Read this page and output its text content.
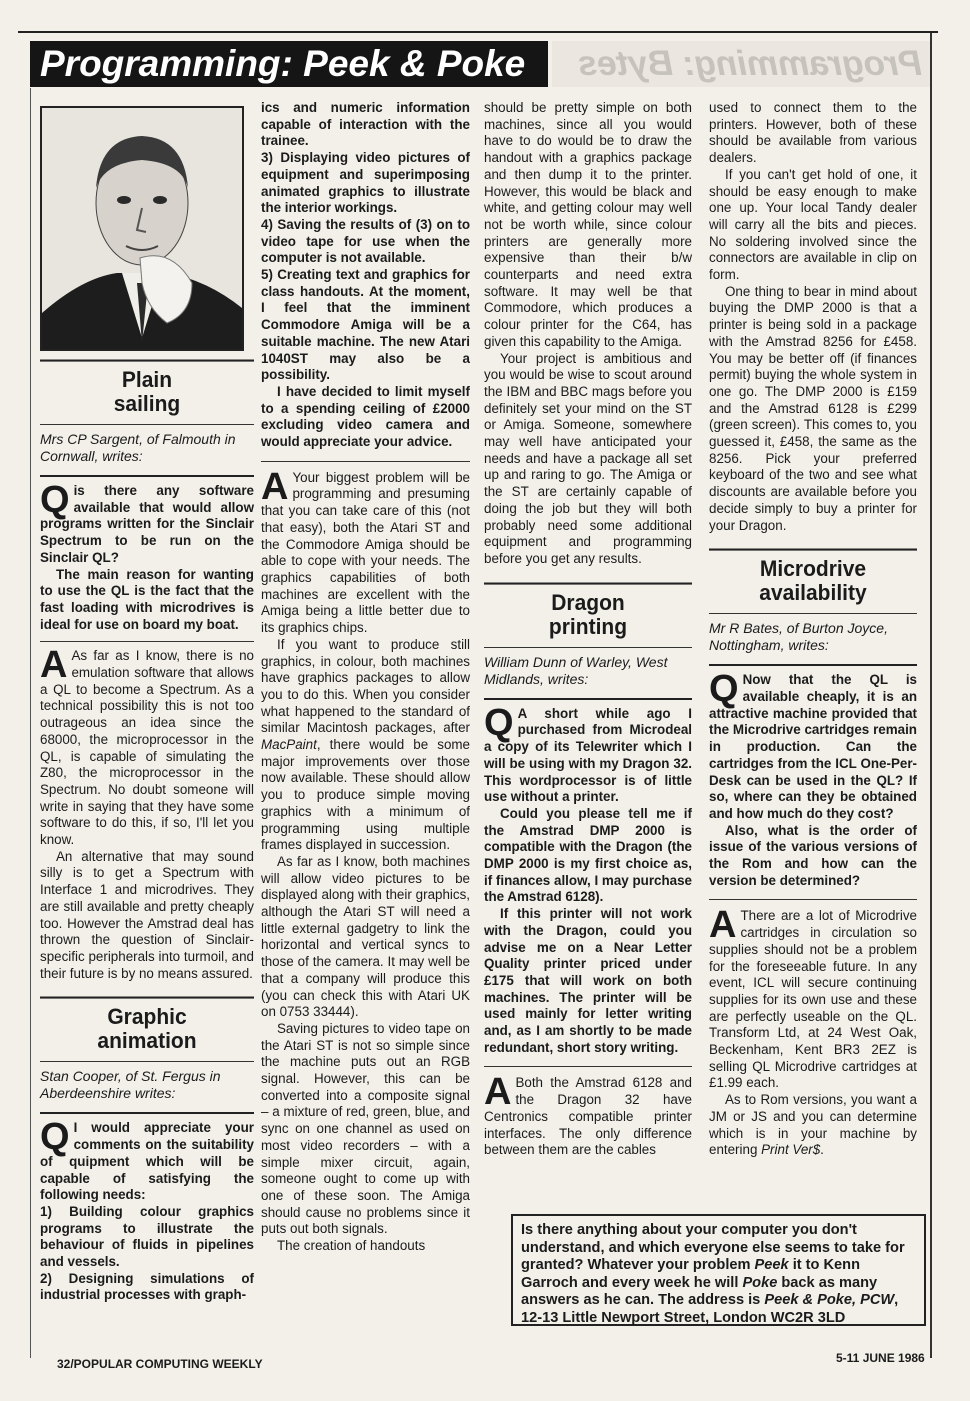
Programming: Peek & Poke	Programming: Bytes
Plain
sailing
Mrs CP Sargent, of Falmouth in Cornwall, writes:

Qis there any software available that would allow programs written for the Sinclair Spectrum to be run on the Sinclair QL?

The main reason for wanting to use the QL is the fact that the fast loading with microdrives is ideal for use on board my boat.

A As far as I know, there is no emulation software that allows a QL to become a Spectrum. As a technical possibility this is not too outrageous an idea since the 68000, the microprocessor in the QL, is capable of simulating the Z80, the microprocessor in the Spectrum. No doubt someone will write in saying that they have some software to do this, if so, I'll let you know.

An alternative that may sound silly is to get a Spectrum with Interface 1 and microdrives. They are still available and pretty cheaply too. However the Amstrad deal has thrown the question of Sinclair-specific peripherals into turmoil, and their future is by no means assured.

Graphic
animation
Stan Cooper, of St. Fergus in Aberdeenshire writes:

Q I would appreciate your comments on the suitability of quipment which will be capable of satisfying the following needs:

1) Building colour graphics programs to illustrate the behaviour of fluids in pipelines and vessels.

2) Designing simulations of industrial processes with graph-

ics and numeric information capable of interaction with the trainee.

3) Displaying video pictures of equipment and superimposing animated graphics to illustrate the interior workings.

4) Saving the results of (3) on to video tape for use when the computer is not available.

5) Creating text and graphics for class handouts. At the moment, I feel that the imminent Commodore Amiga will be a suitable machine. The new Atari 1040ST may also be a possibility.

I have decided to limit myself to a spending ceiling of £2000 excluding video camera and would appreciate your advice.

A Your biggest problem will be programming and presuming that you can take care of this (not that easy), both the Atari ST and the Commodore Amiga should be able to cope with your needs. The graphics capabilities of both machines are excellent with the Amiga being a little better due to its graphics chips.

If you want to produce still graphics, in colour, both machines have graphics packages to allow you to do this. When you consider what happened to the standard of similar Macintosh packages, after MacPaint, there would be some major improvements over those now available. These should allow you to produce simple moving graphics with a minimum of programming using multiple frames displayed in succession.

As far as I know, both machines will allow video pictures to be displayed along with their graphics, although the Atari ST will need a little external gadgetry to link the horizontal and vertical syncs to those of the camera. It may well be that a company will produce this (you can check this with Atari UK on 0753 33444).

Saving pictures to video tape on the Atari ST is not so simple since the machine puts out an RGB signal. However, this can be converted into a composite signal – a mixture of red, green, blue, and sync on one channel as used on most video recorders – with a simple mixer circuit, again, someone ought to come up with one of these soon. The Amiga should cause no problems since it puts out both signals.

The creation of handouts

should be pretty simple on both machines, since all you would have to do would be to draw the handout with a graphics package and then dump it to the printer. However, this would be black and white, and getting colour may well not be worth while, since colour printers are generally more expensive than their b/w counterparts and need extra software. It may well be that Commodore, which produces a colour printer for the C64, has given this capability to the Amiga.

Your project is ambitious and you would be wise to scout around the IBM and BBC mags before you definitely set your mind on the ST or Amiga. Someone, somewhere may well have anticipated your needs and have a package all set up and raring to go. The Amiga or the ST are certainly capable of doing the job but they will both probably need some additional equipment and programming before you get any results.

Dragon
printing
William Dunn of Warley, West Midlands, writes:

Q A short while ago I purchased from Microdeal a copy of its Telewriter which I will be using with my Dragon 32. This wordprocessor is of little use without a printer.

Could you please tell me if the Amstrad DMP 2000 is compatible with the Dragon (the DMP 2000 is my first choice as, if finances allow, I may purchase the Amstrad 6128).

If this printer will not work with the Dragon, could you advise me on a Near Letter Quality printer priced under £175 that will work on both machines. The printer will be used mainly for letter writing and, as I am shortly to be made redundant, short story writing.

A Both the Amstrad 6128 and the Dragon 32 have Centronics compatible printer interfaces. The only difference between them are the cables

used to connect them to the printers. However, both of these should be available from various dealers.

If you can't get hold of one, it should be easy enough to make one up. Your local Tandy dealer will carry all the bits and pieces. No soldering involved since the connectors are available in clip on form.

One thing to bear in mind about buying the DMP 2000 is that a printer is being sold in a package with the Amstrad 8256 for £458. You may be better off (if finances permit) buying the whole system in one go. The DMP 2000 is £159 and the Amstrad 6128 is £299 (green screen). This comes to, you guessed it, £458, the same as the 8256. Pick your preferred keyboard of the two and see what discounts are available before you decide simply to buy a printer for your Dragon.

Microdrive
availability
Mr R Bates, of Burton Joyce, Nottingham, writes:

Q Now that the QL is available cheaply, it is an attractive machine provided that the Microdrive cartridges remain in production. Can the cartridges from the ICL One-Per-Desk can be used in the QL? If so, where can they be obtained and how much do they cost?

Also, what is the order of issue of the various versions of the Rom and how can the version be determined?

A There are a lot of Microdrive cartridges in circulation so supplies should not be a problem for the foreseeable future. In any event, ICL will secure continuing supplies for its own use and these are perfectly useable on the QL. Transform Ltd, at 24 West Oak, Beckenham, Kent BR3 2EZ is selling QL Microdrive cartridges at £1.99 each.

As to Rom versions, you want a JM or JS and you can determine which is in your machine by entering Print Ver$.

Is there anything about your computer you don't understand, and which everyone else seems to take for granted? Whatever your problem Peek it to Kenn Garroch and every week he will Poke back as many answers as he can. The address is Peek & Poke, PCW, 12-13 Little Newport Street, London WC2R 3LD
32/POPULAR COMPUTING WEEKLY	5-11 JUNE 1986
